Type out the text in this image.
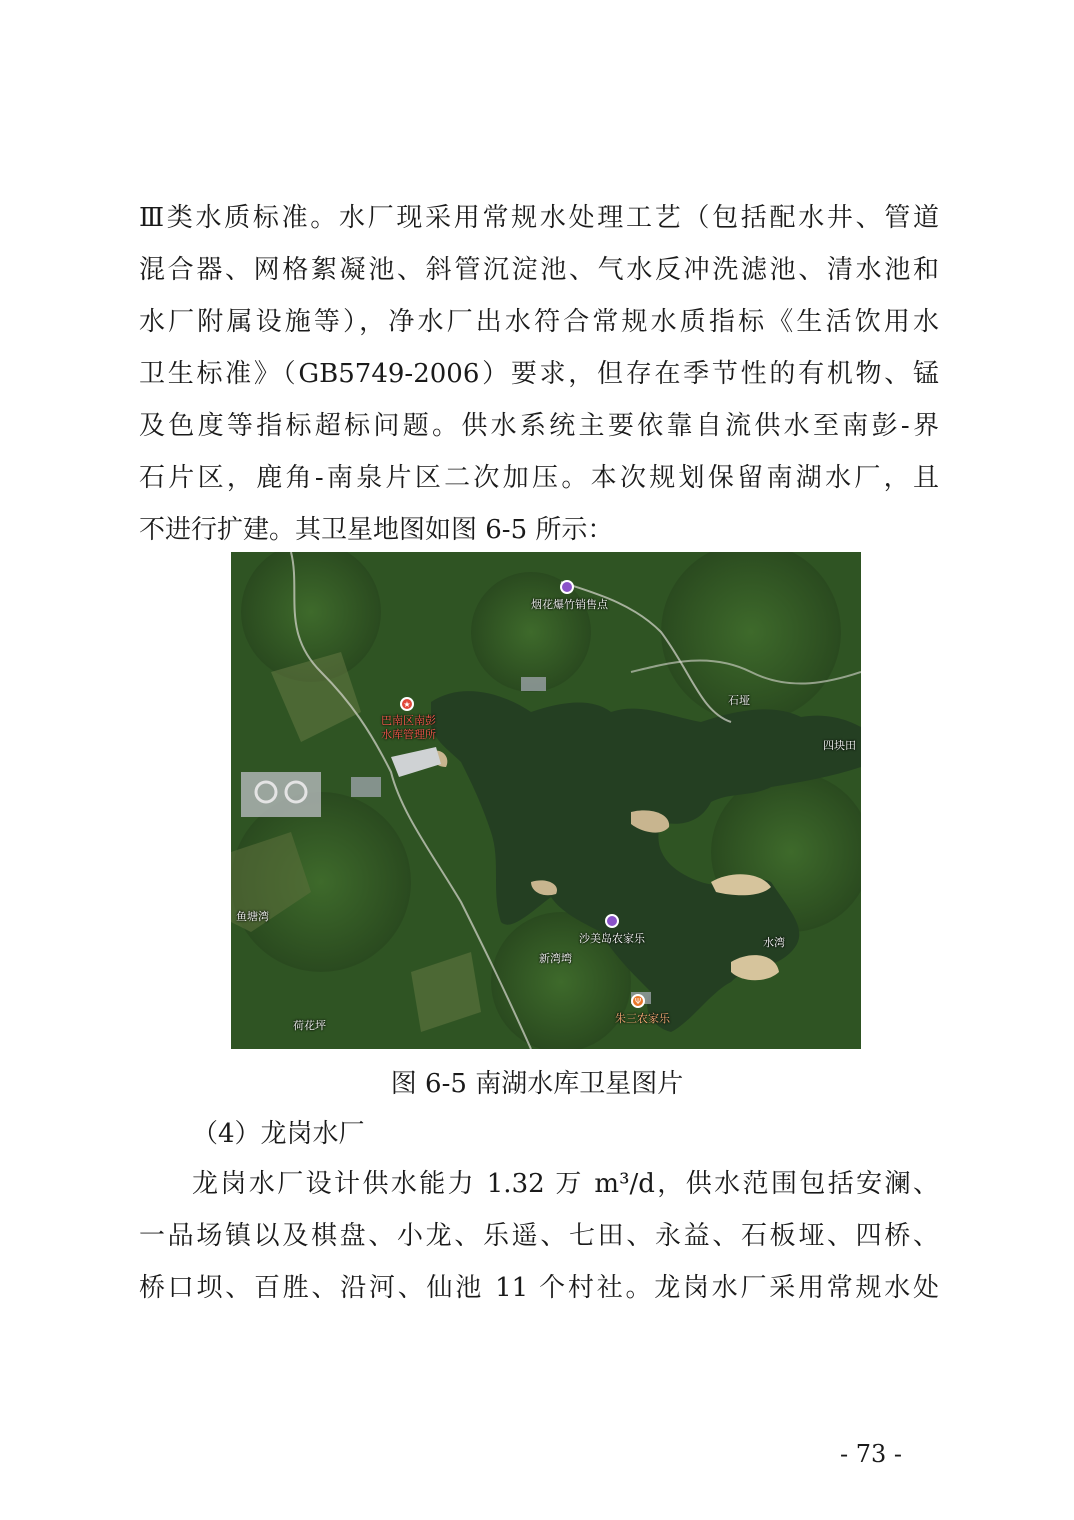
Ⅲ类水质标准。水厂现采用常规水处理工艺（包括配水井、管道
混合器、网格絮凝池、斜管沉淀池、气水反冲洗滤池、清水池和
水厂附属设施等），净水厂出水符合常规水质指标《生活饮用水
卫生标准》（GB5749-2006）要求，但存在季节性的有机物、锰
及色度等指标超标问题。供水系统主要依靠自流供水至南彭-界
石片区，鹿角-南泉片区二次加压。本次规划保留南湖水厂，且
不进行扩建。其卫星地图如图 6-5 所示：
烟花爆竹销售点
★
巴南区南彭
水库管理所
沙美岛农家乐
Ψ
朱三农家乐
石垭
四块田
鱼塘湾
水湾
新湾塆
荷花坪
图 6-5 南湖水库卫星图片
（4）龙岗水厂
龙岗水厂设计供水能力 1.32 万 m³/d，供水范围包括安澜、
一品场镇以及棋盘、小龙、乐遥、七田、永益、石板垭、四桥、
桥口坝、百胜、沿河、仙池 11 个村社。龙岗水厂采用常规水处
- 73 -
